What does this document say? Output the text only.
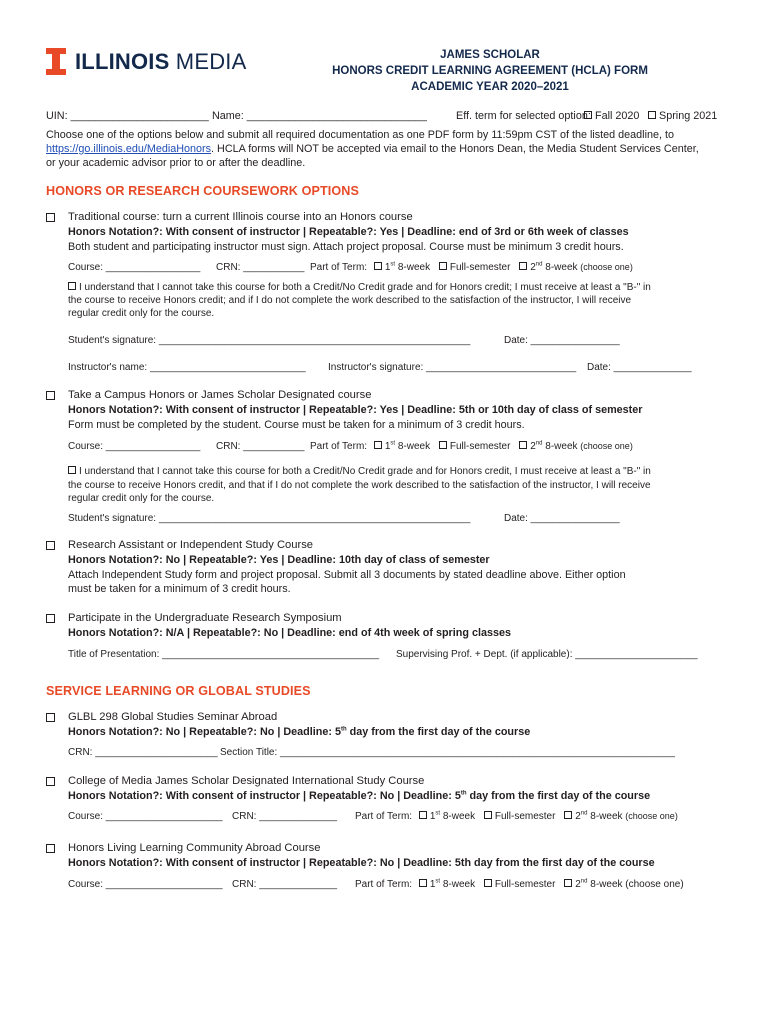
ILLINOIS MEDIA	JAMES SCHOLAR
HONORS CREDIT LEARNING AGREEMENT (HCLA) FORM
ACADEMIC YEAR 2020–2021
UIN: _______________________ Name: ______________________________	Eff. term for selected option: Fall 2020	Spring 2021
Choose one of the options below and submit all required documentation as one PDF form by 11:59pm CST of the listed deadline, to
https://go.illinois.edu/MediaHonors. HCLA forms will NOT be accepted via email to the Honors Dean, the Media Student Services Center,
or your academic advisor prior to or after the deadline.
HONORS OR RESEARCH COURSEWORK OPTIONS
Traditional course: turn a current Illinois course into an Honors course
Honors Notation?: With consent of instructor | Repeatable?: Yes | Deadline: end of 3rd or 6th week of classes
Both student and participating instructor must sign. Attach project proposal. Course must be minimum 3 credit hours.
Course: _________________ CRN: ___________ Part of Term: 1st 8-week Full-semester 2nd 8-week (choose one)
I understand that I cannot take this course for both a Credit/No Credit grade and for Honors credit; I must receive at least a "B-" in
the course to receive Honors credit; and if I do not complete the work described to the satisfaction of the instructor, I will receive
regular credit only for the course.
Student's signature: ________________________________________________________	Date: ________________
Instructor's name: ____________________________ Instructor's signature: ___________________________ Date: ______________
Take a Campus Honors or James Scholar Designated course
Honors Notation?: With consent of instructor | Repeatable?: Yes | Deadline: 5th or 10th day of class of semester
Form must be completed by the student. Course must be taken for a minimum of 3 credit hours.
Course: _________________ CRN: ___________ Part of Term: 1st 8-week Full-semester 2nd 8-week (choose one)
I understand that I cannot take this course for both a Credit/No Credit grade and for Honors credit, I must receive at least a "B-" in
the course to receive Honors credit, and that if I do not complete the work described to the satisfaction of the instructor, I will receive
regular credit only for the course.
Student's signature: ________________________________________________________	Date: ________________
Research Assistant or Independent Study Course
Honors Notation?: No | Repeatable?: Yes | Deadline: 10th day of class of semester
Attach Independent Study form and project proposal. Submit all 3 documents by stated deadline above. Either option
must be taken for a minimum of 3 credit hours.
Participate in the Undergraduate Research Symposium
Honors Notation?: N/A | Repeatable?: No | Deadline: end of 4th week of spring classes
Title of Presentation: _______________________________________ Supervising Prof. + Dept. (if applicable): ______________________
SERVICE LEARNING OR GLOBAL STUDIES
GLBL 298 Global Studies Seminar Abroad
Honors Notation?: No | Repeatable?: No | Deadline: 5th day from the first day of the course
CRN: ______________________ Section Title: _______________________________________________________________________
College of Media James Scholar Designated International Study Course
Honors Notation?: With consent of instructor | Repeatable?: No | Deadline: 5th day from the first day of the course
Course: _____________________ CRN: ______________ Part of Term: 1st 8-week Full-semester 2nd 8-week (choose one)
Honors Living Learning Community Abroad Course
Honors Notation?: With consent of instructor | Repeatable?: No | Deadline: 5th day from the first day of the course
Course: _____________________ CRN: ______________ Part of Term: 1st 8-week Full-semester 2nd 8-week (choose one)
